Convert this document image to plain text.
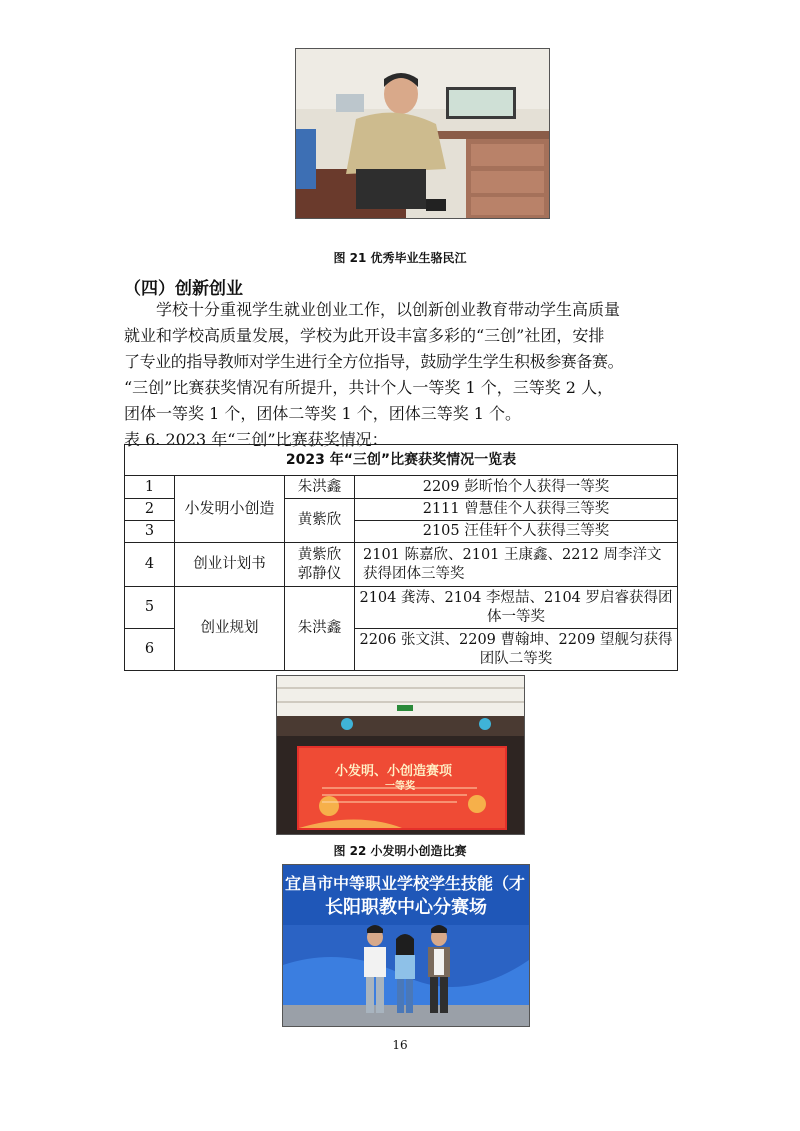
图 21 优秀毕业生骆民江
（四）创新创业
学校十分重视学生就业创业工作，以创新创业教育带动学生高质量
就业和学校高质量发展，学校为此开设丰富多彩的“三创”社团，安排
了专业的指导教师对学生进行全方位指导，鼓励学生学生积极参赛备赛。
“三创”比赛获奖情况有所提升，共计个人一等奖 1 个，三等奖 2 人，
团体一等奖 1 个，团体二等奖 1 个，团体三等奖 1 个。
表 6. 2023 年“三创”比赛获奖情况：
2023 年“三创”比赛获奖情况一览表			
1	小发明小创造	朱洪鑫	2209 彭昕怡个人获得一等奖
2		黄紫欣	2111 曾慧佳个人获得三等奖
3			2105 汪佳轩个人获得三等奖
4	创业计划书	黄紫欣郭静仪	2101 陈嘉欣、2101 王康鑫、2212 周李洋文 获得团体三等奖
5	创业规划	朱洪鑫	2104 龚涛、2104 李煜喆、2104 罗启睿获得团体一等奖
6			2206 张文淇、2209 曹翰坤、2209 望舰匀获得团队二等奖
小发明、小创造赛项
一等奖
图 22 小发明小创造比赛
宜昌市中等职业学校学生技能（才
长阳职教中心分赛场
16
